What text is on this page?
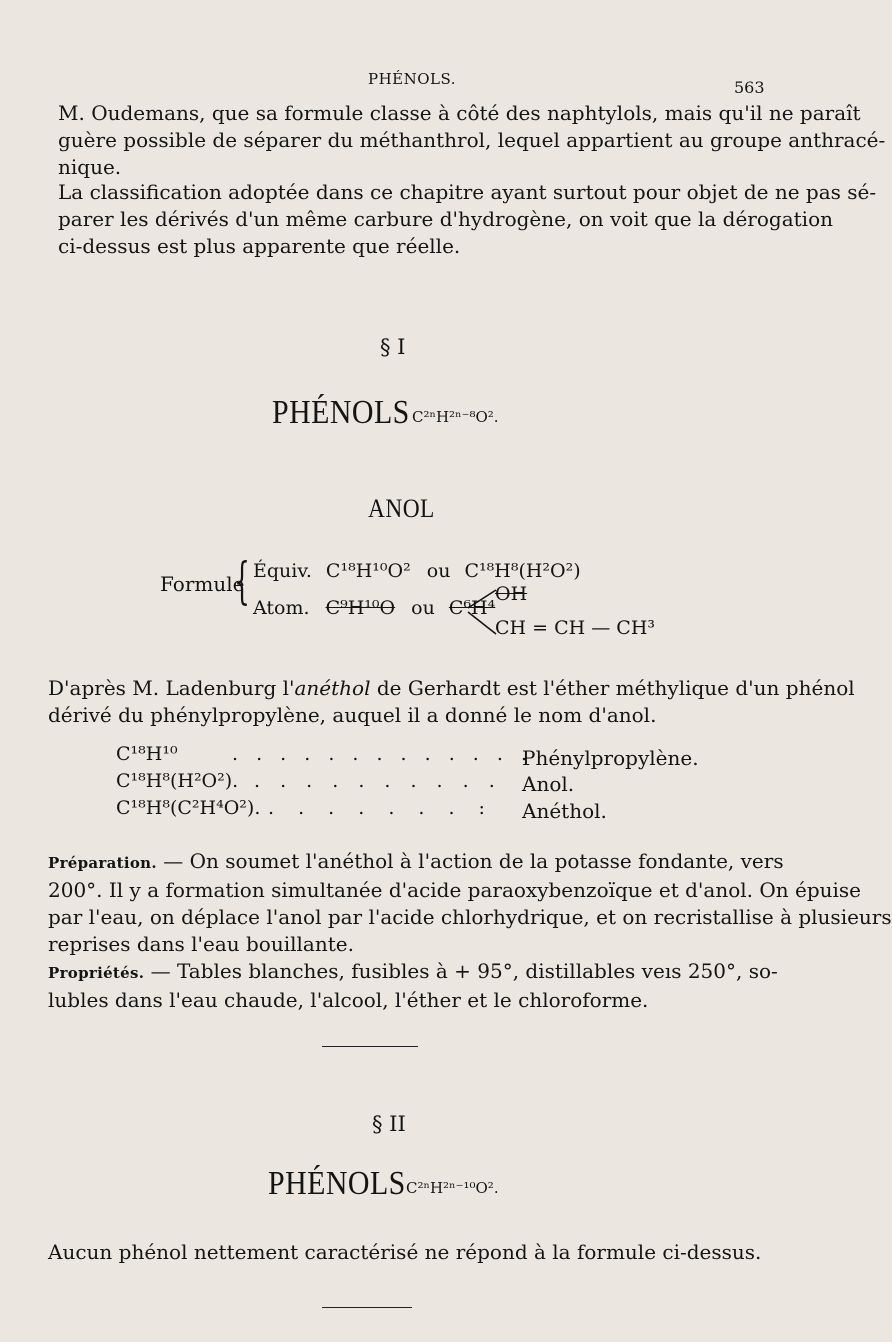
PHÉNOLS.	563
M. Oudemans, que sa formule classe à côté des naphtylols, mais qu'il ne paraît
guère possible de séparer du méthanthrol, lequel appartient au groupe anthracé-
nique.
La classification adoptée dans ce chapitre ayant surtout pour objet de ne pas sé-
parer les dérivés d'un même carbure d'hydrogène, on voit que la dérogation
ci-dessus est plus apparente que réelle.
§ I
PHÉNOLS C²ⁿH²ⁿ⁻⁸O².
ANOL
Formule
{ Équiv. C¹⁸H¹⁰O² ou C¹⁸H⁸(H²O²)
Atom. C⁹H¹⁰O ou C⁶H⁴
OH
CH = CH — CH³
D'après M. Ladenburg l'anéthol de Gerhardt est l'éther méthylique d'un phénol
dérivé du phénylpropylène, auquel il a donné le nom d'anol.
C¹⁸H¹⁰	. . . . . . . . . . . . .
Phénylpropylène.
C¹⁸H⁸(H²O²). . . . . . . . . . . Anol.
C¹⁸H⁸(C²H⁴O²). . . . . . . . : Anéthol.
Préparation. — On soumet l'anéthol à l'action de la potasse fondante, vers
200°. Il y a formation simultanée d'acide paraoxybenzoïque et d'anol. On épuise
par l'eau, on déplace l'anol par l'acide chlorhydrique, et on recristallise à plusieurs
reprises dans l'eau bouillante.
Propriétés. — Tables blanches, fusibles à + 95°, distillables veıs 250°, so-
lubles dans l'eau chaude, l'alcool, l'éther et le chloroforme.
§ II
PHÉNOLS C²ⁿH²ⁿ⁻¹⁰O².
Aucun phénol nettement caractérisé ne répond à la formule ci-dessus.
